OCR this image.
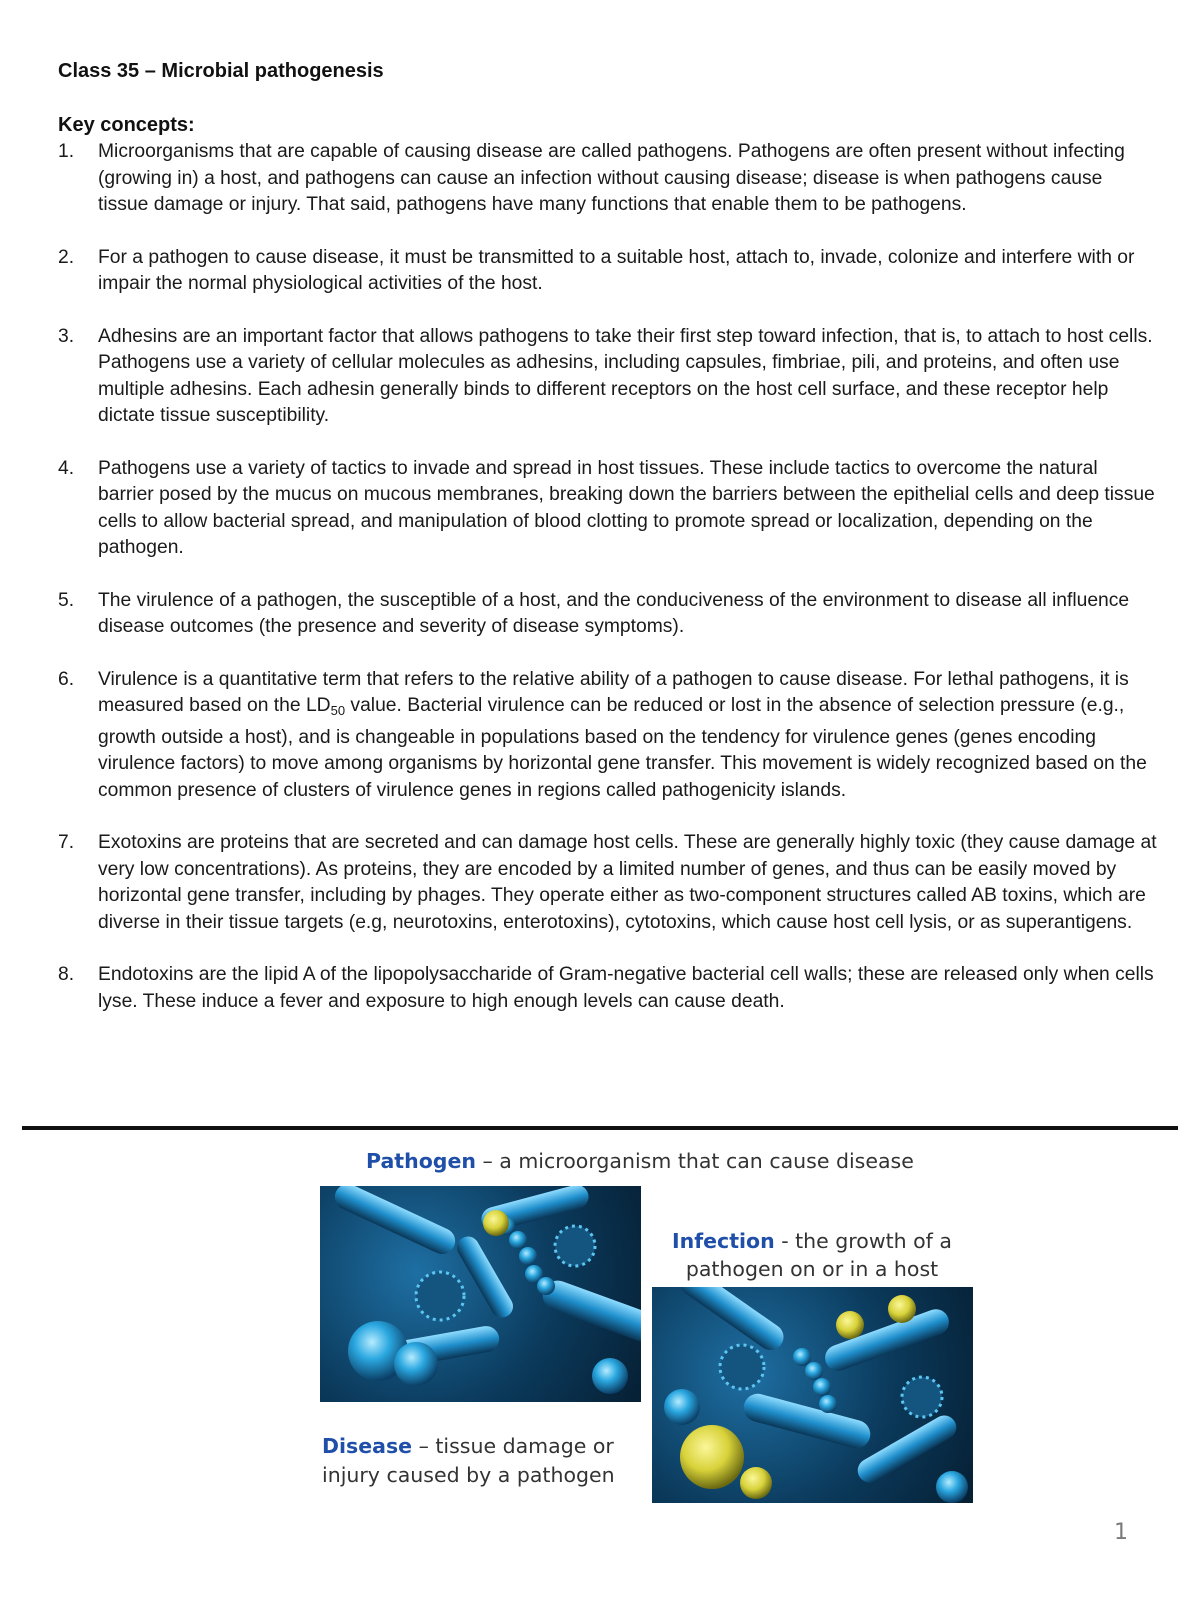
Class 35 – Microbial pathogenesis
Key concepts:
1. Microorganisms that are capable of causing disease are called pathogens. Pathogens are often present without infecting (growing in) a host, and pathogens can cause an infection without causing disease; disease is when pathogens cause tissue damage or injury. That said, pathogens have many functions that enable them to be pathogens.
2. For a pathogen to cause disease, it must be transmitted to a suitable host, attach to, invade, colonize and interfere with or impair the normal physiological activities of the host.
3. Adhesins are an important factor that allows pathogens to take their first step toward infection, that is, to attach to host cells. Pathogens use a variety of cellular molecules as adhesins, including capsules, fimbriae, pili, and proteins, and often use multiple adhesins. Each adhesin generally binds to different receptors on the host cell surface, and these receptor help dictate tissue susceptibility.
4. Pathogens use a variety of tactics to invade and spread in host tissues. These include tactics to overcome the natural barrier posed by the mucus on mucous membranes, breaking down the barriers between the epithelial cells and deep tissue cells to allow bacterial spread, and manipulation of blood clotting to promote spread or localization, depending on the pathogen.
5. The virulence of a pathogen, the susceptible of a host, and the conduciveness of the environment to disease all influence disease outcomes (the presence and severity of disease symptoms).
6. Virulence is a quantitative term that refers to the relative ability of a pathogen to cause disease. For lethal pathogens, it is measured based on the $LD_{50}$ value. Bacterial virulence can be reduced or lost in the absence of selection pressure (e.g., growth outside a host), and is changeable in populations based on the tendency for virulence genes (genes encoding virulence factors) to move among organisms by horizontal gene transfer. This movement is widely recognized based on the common presence of clusters of virulence genes in regions called pathogenicity islands.
7. Exotoxins are proteins that are secreted and can damage host cells. These are generally highly toxic (they cause damage at very low concentrations). As proteins, they are encoded by a limited number of genes, and thus can be easily moved by horizontal gene transfer, including by phages. They operate either as two-component structures called AB toxins, which are diverse in their tissue targets (e.g, neurotoxins, enterotoxins), cytotoxins, which cause host cell lysis, or as superantigens.
8. Endotoxins are the lipid A of the lipopolysaccharide of Gram-negative bacterial cell walls; these are released only when cells lyse. These induce a fever and exposure to high enough levels can cause death.
Pathogen – a microorganism that can cause disease
Infection - the growth of a pathogen on or in a host
Disease – tissue damage or injury caused by a pathogen
1
